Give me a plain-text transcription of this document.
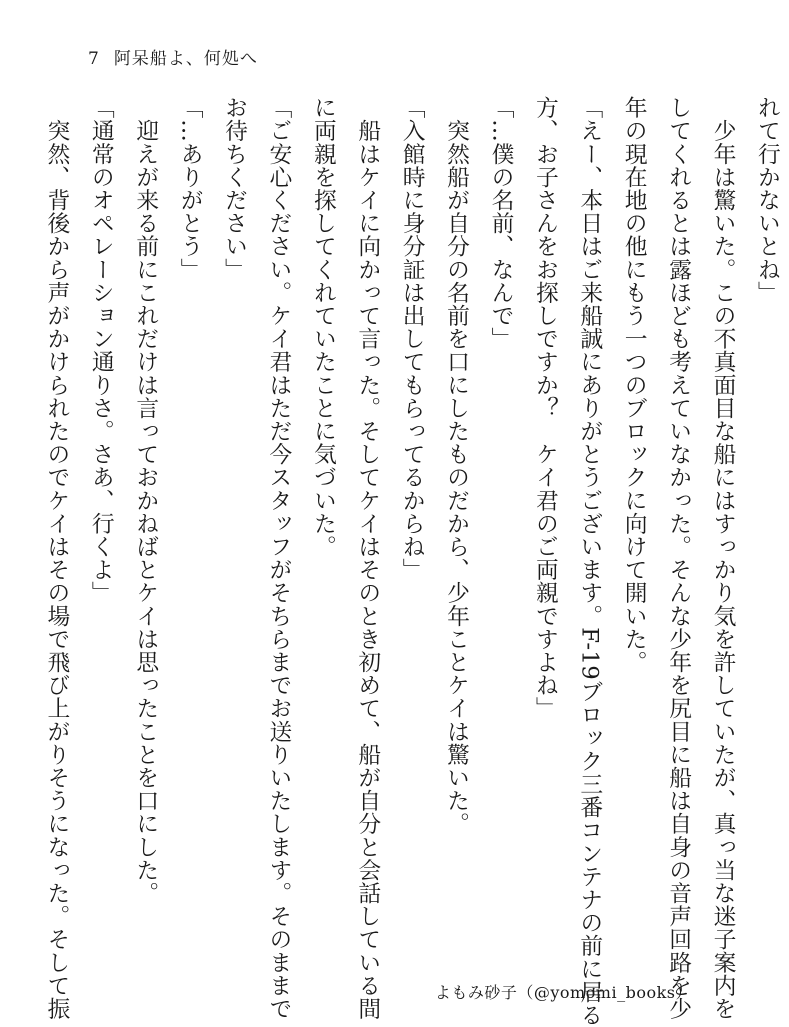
7 阿呆船よ、何処へ
れて行かないとね」
　少年は驚いた。この不真面目な船にはすっかり気を許していたが、真っ当な迷子案内を
してくれるとは露ほども考えていなかった。そんな少年を尻目に船は自身の音声回路を少
年の現在地の他にもう一つのブロックに向けて開いた。
「えー、本日はご来船誠にありがとうございます。F-19ブロック三番コンテナの前に居る
方、お子さんをお探しですか？　ケイ君のご両親ですよね」
「…僕の名前、なんで」
　突然船が自分の名前を口にしたものだから、少年ことケイは驚いた。
「入館時に身分証は出してもらってるからね」
　船はケイに向かって言った。そしてケイはそのとき初めて、船が自分と会話している間
に両親を探してくれていたことに気づいた。
「ご安心ください。ケイ君はただ今スタッフがそちらまでお送りいたします。そのままで
お待ちください」
「…ありがとう」
　迎えが来る前にこれだけは言っておかねばとケイは思ったことを口にした。
「通常のオペレーション通りさ。さあ、行くよ」
　突然、背後から声がかけられたのでケイはその場で飛び上がりそうになった。そして振	よもみ砂子（@yomomi_books）
